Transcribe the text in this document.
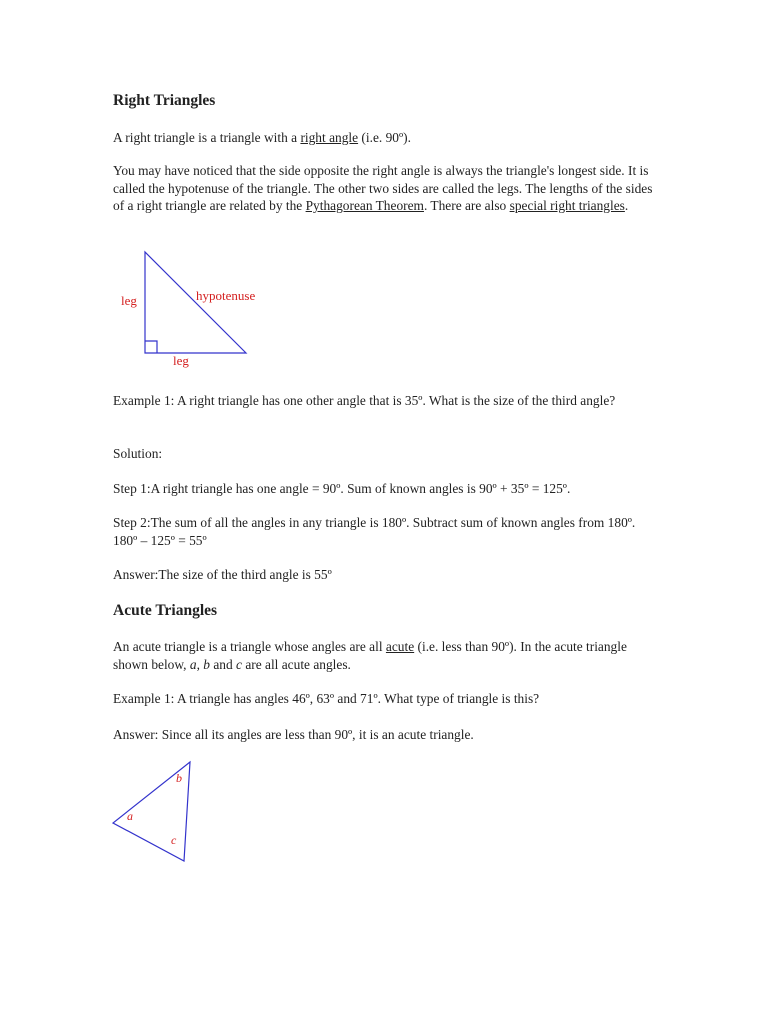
Right Triangles

A right triangle is a triangle with a right angle (i.e. 90º).

You may have noticed that the side opposite the right angle is always the triangle's longest side. It is called the hypotenuse of the triangle. The other two sides are called the legs. The lengths of the sides of a right triangle are related by the Pythagorean Theorem. There are also special right triangles.

leg	hypotenuse
leg

Example 1: A right triangle has one other angle that is 35º. What is the size of the third angle?

Solution:

Step 1:A right triangle has one angle = 90º. Sum of known angles is 90º + 35º = 125º.

Step 2:The sum of all the angles in any triangle is 180º. Subtract sum of known angles from 180º. 180º – 125º = 55º

Answer:The size of the third angle is 55º

Acute Triangles

An acute triangle is a triangle whose angles are all acute (i.e. less than 90º). In the acute triangle shown below, a, b and c are all acute angles.

Example 1: A triangle has angles 46º, 63º and 71º. What type of triangle is this?

Answer: Since all its angles are less than 90º, it is an acute triangle.

a
b
c
